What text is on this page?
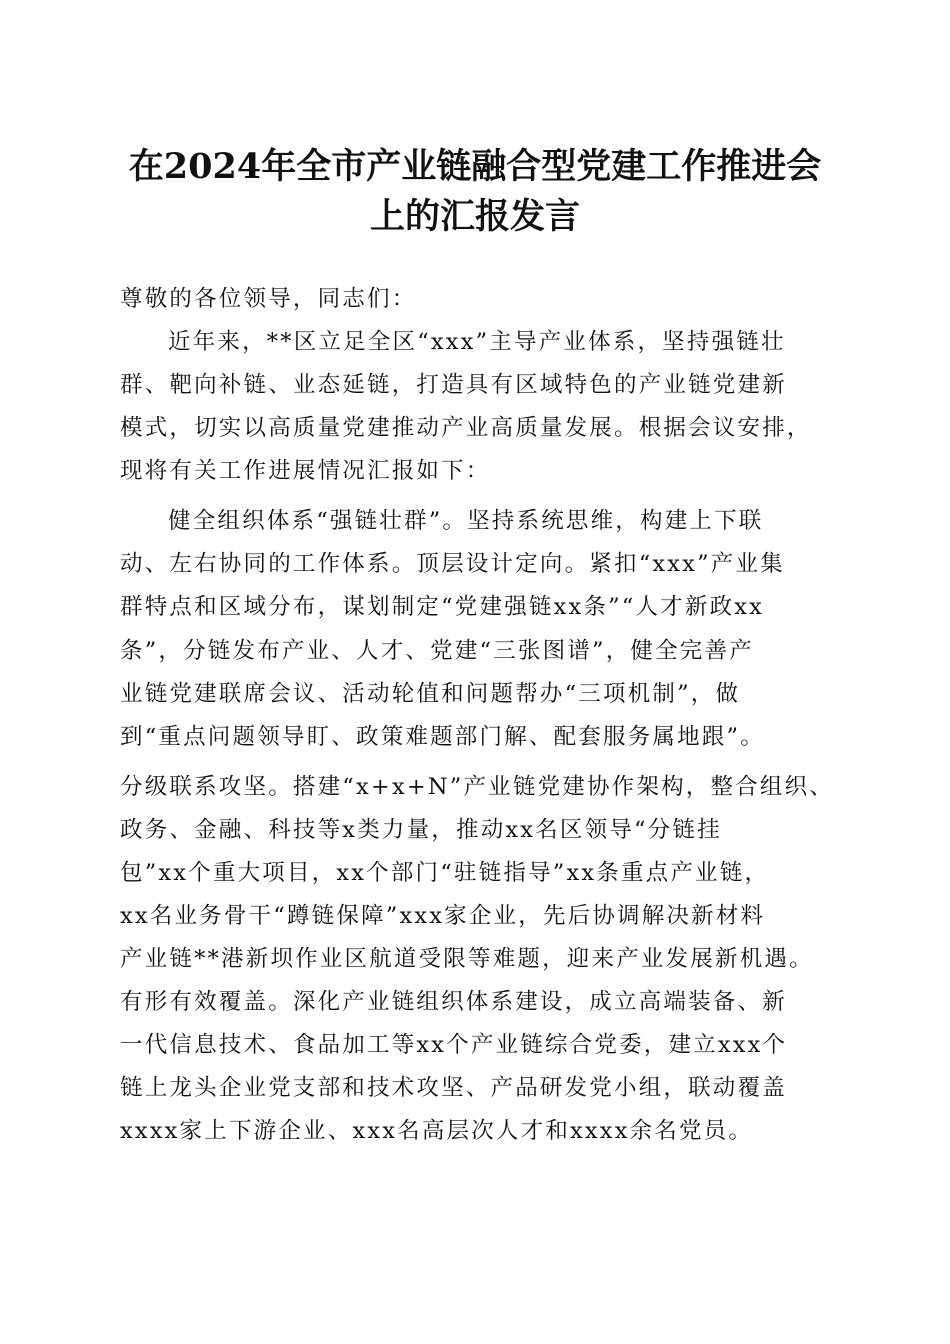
在2024年全市产业链融合型党建工作推进会
上的汇报发言
尊敬的各位领导，同志们：
近年来，**区立足全区“xxx”主导产业体系，坚持强链壮
群、靶向补链、业态延链，打造具有区域特色的产业链党建新
模式，切实以高质量党建推动产业高质量发展。根据会议安排，
现将有关工作进展情况汇报如下：
健全组织体系“强链壮群”。坚持系统思维，构建上下联
动、左右协同的工作体系。顶层设计定向。紧扣“xxx”产业集
群特点和区域分布，谋划制定“党建强链xx条”“人才新政xx
条”，分链发布产业、人才、党建“三张图谱”，健全完善产
业链党建联席会议、活动轮值和问题帮办“三项机制”，做
到“重点问题领导盯、政策难题部门解、配套服务属地跟”。
分级联系攻坚。搭建“x+x+N”产业链党建协作架构，整合组织、
政务、金融、科技等x类力量，推动xx名区领导“分链挂
包”xx个重大项目，xx个部门“驻链指导”xx条重点产业链，
xx名业务骨干“蹲链保障”xxx家企业，先后协调解决新材料
产业链**港新坝作业区航道受限等难题，迎来产业发展新机遇。
有形有效覆盖。深化产业链组织体系建设，成立高端装备、新
一代信息技术、食品加工等xx个产业链综合党委，建立xxx个
链上龙头企业党支部和技术攻坚、产品研发党小组，联动覆盖
xxxx家上下游企业、xxx名高层次人才和xxxx余名党员。
